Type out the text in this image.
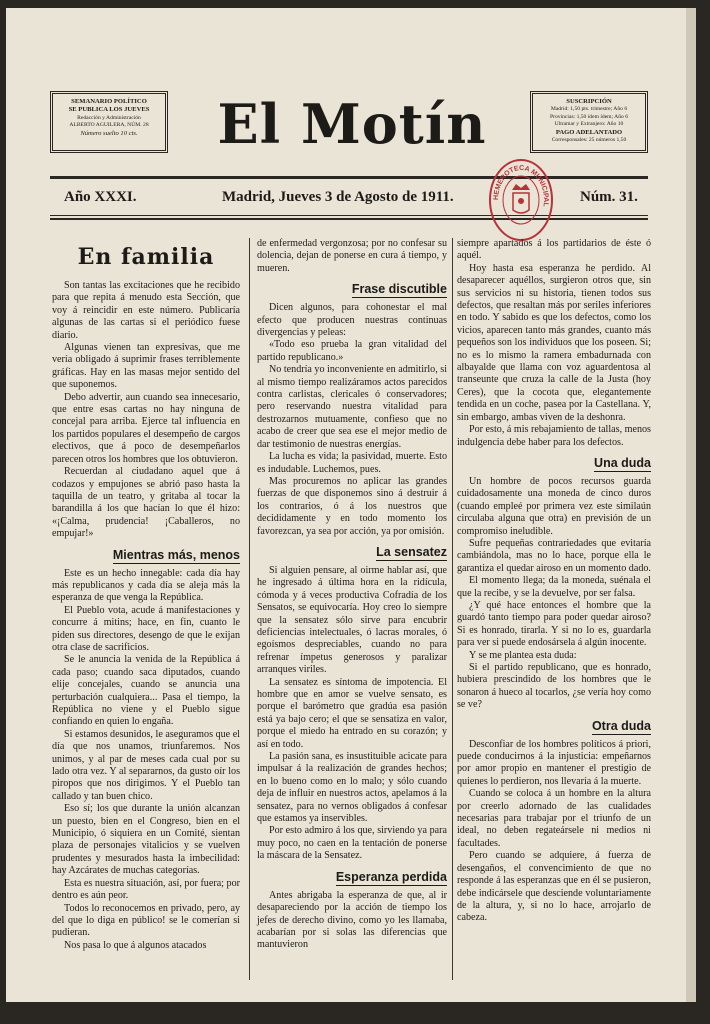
SEMANARIO POLÍTICO
SE PUBLICA LOS JUEVES
Redacción y Administración
ALBERTO AGUILERA, NÚM. 28
Número suelto 10 cts.	El Motín	SUSCRIPCIÓN
Madrid: 1,50 pts. trimestre; Año 6
Provincias: 1,50 ídem ídem; Año 6
Ultramar y Extranjero: Año 10
PAGO ADELANTADO
Corresponsales: 25 números 1,50
Año XXXI.	Madrid, Jueves 3 de Agosto de 1911.	Núm. 31.
HEMEROTECA MUNICIPAL
En familia

Son tantas las excitaciones que he recibido para que repita á menudo esta Sección, que voy á reincidir en este número. Publicaría algunas de las cartas si el periódico fuese diario.

Algunas vienen tan expresivas, que me vería obligado á suprimir frases terriblemente gráficas. Hay en las masas mejor sentido del que suponemos.

Debo advertir, aun cuando sea innecesario, que entre esas cartas no hay ninguna de concejal para arriba. Ejerce tal influencia en los partidos populares el desempeño de cargos electivos, que á poco de desempeñarlos parecen otros los hombres que los obtuvieron.

Recuerdan al ciudadano aquel que á codazos y empujones se abrió paso hasta la taquilla de un teatro, y gritaba al tocar la barandilla á los que hacían lo que él hizo: «¡Calma, prudencia! ¡Caballeros, no empujar!»

Mientras más, menos

Este es un hecho innegable: cada día hay más republicanos y cada día se aleja más la esperanza de que venga la República.

El Pueblo vota, acude á manifestaciones y concurre á mitins; hace, en fin, cuanto le piden sus directores, desengo de que le exijan otra clase de sacrificios.

Se le anuncia la venida de la República á cada paso; cuando saca diputados, cuando elije concejales, cuando se anuncia una perturbación cualquiera... Pasa el tiempo, la República no viene y el Pueblo sigue confiando en quien lo engaña.

Si estamos desunidos, le aseguramos que el día que nos unamos, triunfaremos. Nos unimos, y al par de meses cada cual por su lado otra vez. Y al separarnos, da gusto oír los piropos que nos dirigimos. Y el Pueblo tan callado y tan buen chico.

Eso sí; los que durante la unión alcanzan un puesto, bien en el Congreso, bien en el Municipio, ó siquiera en un Comité, sientan plaza de personajes vitalicios y se vuelven prudentes y mesurados hasta la imbecilidad: hay Azcárates de muchas categorías.

Esta es nuestra situación, así, por fuera; por dentro es aún peor.

Todos lo reconocemos en privado, pero, ay del que lo diga en público! se le comerían si pudieran.

Nos pasa lo que á algunos atacados

de enfermedad vergonzosa; por no confesar su dolencia, dejan de ponerse en cura á tiempo, y mueren.

Frase discutible

Dicen algunos, para cohonestar el mal efecto que producen nuestras continuas divergencias y peleas:

«Todo eso prueba la gran vitalidad del partido republicano.»

No tendría yo inconveniente en admitirlo, si al mismo tiempo realizáramos actos parecidos contra carlistas, clericales ó conservadores; pero reservando nuestra vitalidad para destrozarnos mutuamente, confieso que no acabo de creer que sea ese el mejor medio de dar testimonio de nuestras energías.

La lucha es vida; la pasividad, muerte. Esto es indudable. Luchemos, pues.

Mas procuremos no aplicar las grandes fuerzas de que disponemos sino á destruir á los contrarios, ó á los nuestros que decididamente y en todo momento los favorezcan, ya sea por acción, ya por omisión.

La sensatez

Si alguien pensare, al oirme hablar así, que he ingresado á última hora en la ridícula, cómoda y á veces productiva Cofradía de los Sensatos, se equivocaría. Hoy creo lo siempre que la sensatez sólo sirve para encubrir deficiencias intelectuales, ó lacras morales, ó egoísmos despreciables, cuando no para refrenar ímpetus generosos y paralizar arranques viriles.

La sensatez es síntoma de impotencia. El hombre que en amor se vuelve sensato, es porque el barómetro que gradúa esa pasión está ya bajo cero; el que se sensatiza en valor, porque el miedo ha entrado en su corazón; y así en todo.

La pasión sana, es insustituible acicate para impulsar á la realización de grandes hechos; en lo bueno como en lo malo; y sólo cuando deja de influir en nuestros actos, apelamos á la sensatez, para no vernos obligados á confesar que estamos ya inservibles.

Por esto admiro á los que, sirviendo ya para muy poco, no caen en la tentación de ponerse la máscara de la Sensatez.

Esperanza perdida

Antes abrigaba la esperanza de que, al ir desapareciendo por la acción de tiempo los jefes de derecho divino, como yo les llamaba, acabarían por si solas las diferencias que mantuvieron

siempre apartados á los partidarios de éste ó aquél.

Hoy hasta esa esperanza he perdido. Al desaparecer aquéllos, surgieron otros que, sin sus servicios ni su historia, tienen todos sus defectos, que resaltan más por seriles inferiores en todo. Y sabido es que los defectos, como los vicios, aparecen tanto más grandes, cuanto más pequeños son los individuos que los poseen. Si; no es lo mismo la ramera embadurnada con albayalde que llama con voz aguardentosa al transeunte que cruza la calle de la Justa (hoy Ceres), que la cocota que, elegantemente tendida en un coche, pasea por la Castellana. Y, sin embargo, ambas viven de la deshonra.

Por esto, á mis rebajamiento de tallas, menos indulgencia debe haber para los defectos.

Una duda

Un hombre de pocos recursos guarda cuidadosamente una moneda de cinco duros (cuando empleé por primera vez este similaún circulaba alguna que otra) en previsión de un compromiso ineludible.

Sufre pequeñas contrariedades que evitaría cambiándola, mas no lo hace, porque ella le garantiza el quedar airoso en un momento dado.

El momento llega; da la moneda, suénala el que la recibe, y se la devuelve, por ser falsa.

¿Y qué hace entonces el hombre que la guardó tanto tiempo para poder quedar airoso? Si es honrado, tirarla. Y si no lo es, guardarla para ver si puede endosársela á algún inocente.

Y se me plantea esta duda:

Si el partido republicano, que es honrado, hubiera prescindido de los hombres que le sonaron á hueco al tocarlos, ¿se vería hoy como se ve?

Otra duda

Desconfiar de los hombres políticos á priori, puede conducirnos á la injusticia: empeñarnos por amor propio en mantener el prestigio de quienes lo perdieron, nos llevaría á la muerte.

Cuando se coloca á un hombre en la altura por creerlo adornado de las cualidades necesarias para trabajar por el triunfo de un ideal, no deben regateársele ni medios ni facultades.

Pero cuando se adquiere, á fuerza de desengaños, el convencimiento de que no responde á las esperanzas que en él se pusieron, debe indicársele que desciende voluntariamente de la altura, y, si no lo hace, arrojarlo de cabeza.
